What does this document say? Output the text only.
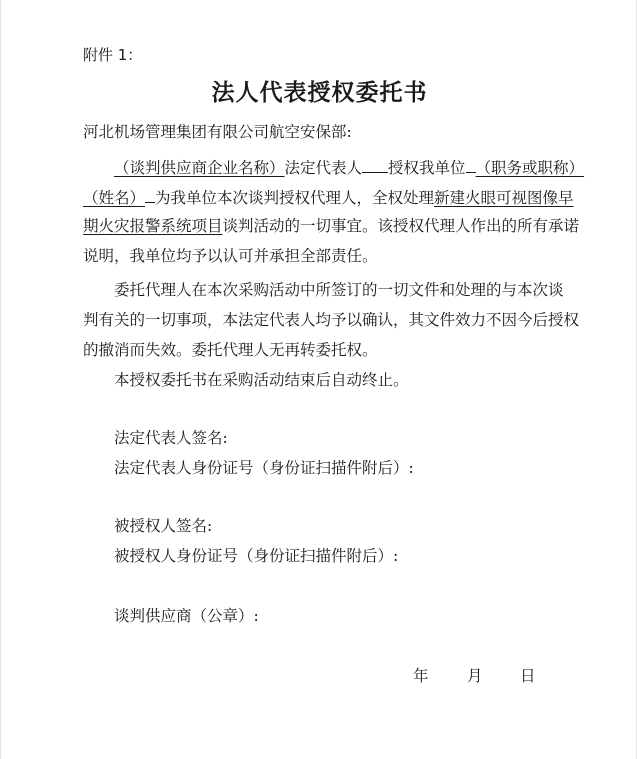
附件 1：
法人代表授权委托书
河北机场管理集团有限公司航空安保部:
（谈判供应商企业名称）法定代表人 授权我单位 （职务或职称）
（姓名） 为我单位本次谈判授权代理人，全权处理新建火眼可视图像早
期火灾报警系统项目谈判活动的一切事宜。该授权代理人作出的所有承诺
说明，我单位均予以认可并承担全部责任。
委托代理人在本次采购活动中所签订的一切文件和处理的与本次谈
判有关的一切事项，本法定代表人均予以确认，其文件效力不因今后授权
的撤消而失效。委托代理人无再转委托权。
本授权委托书在采购活动结束后自动终止。
法定代表人签名:
法定代表人身份证号（身份证扫描件附后）:
被授权人签名:
被授权人身份证号（身份证扫描件附后）:
谈判供应商（公章）:
年 月 日
